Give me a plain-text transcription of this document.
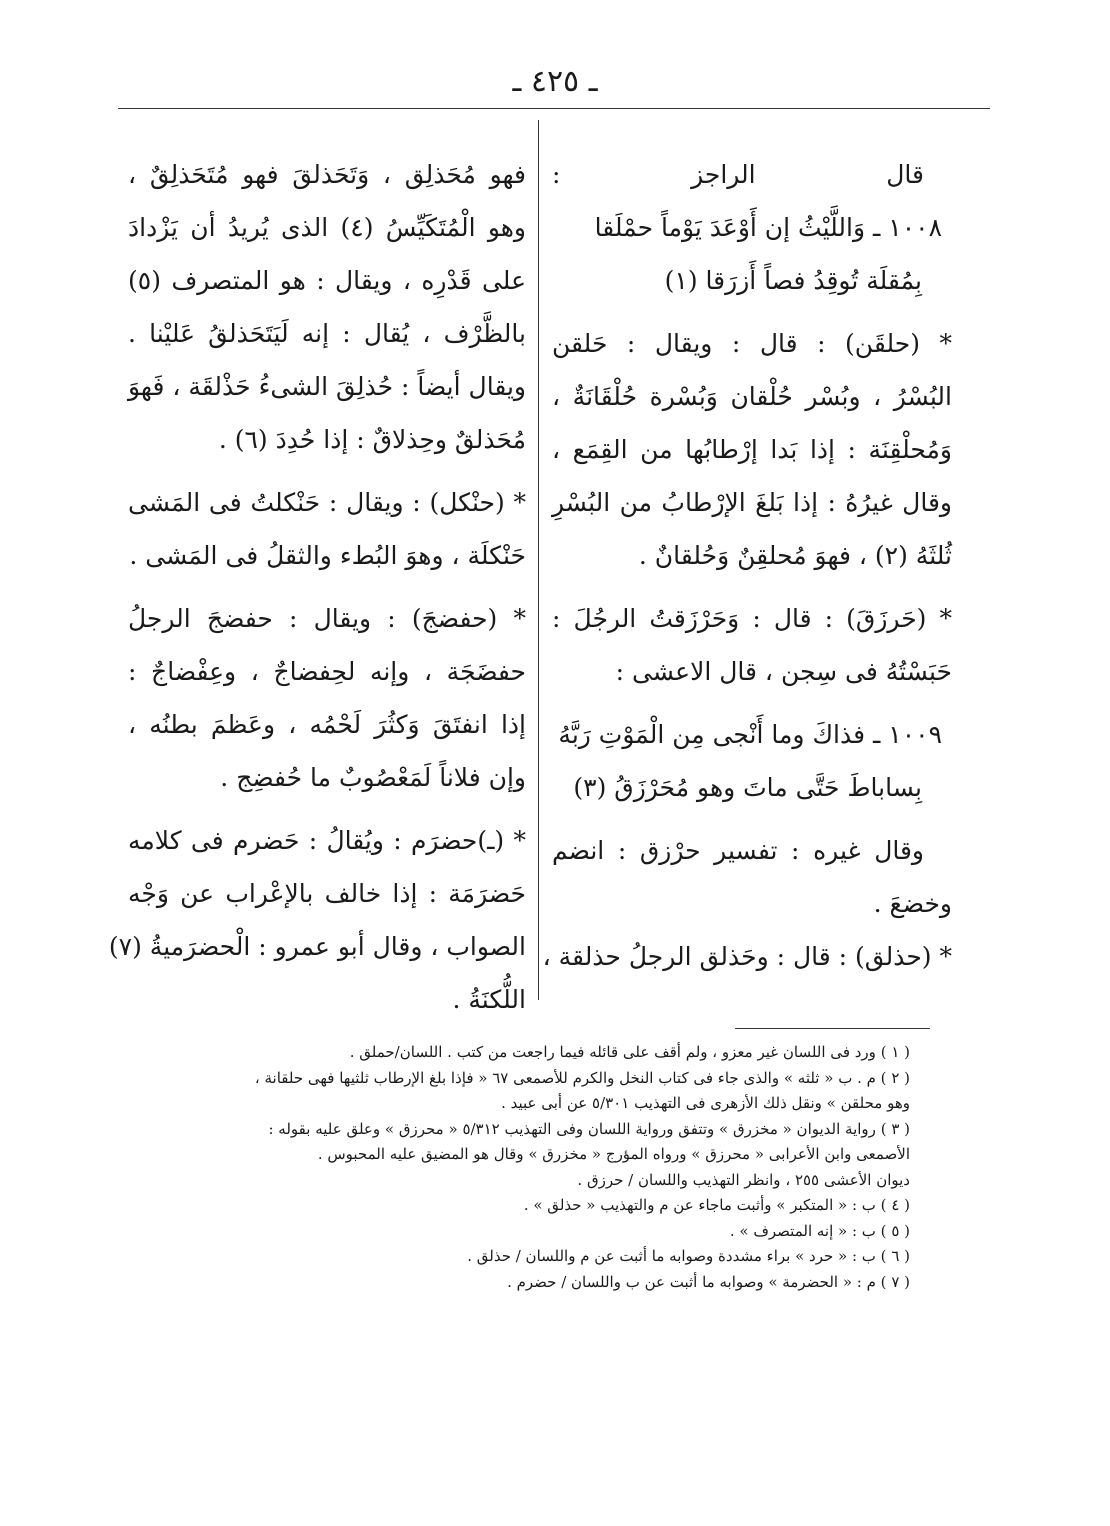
ـ ٤٢٥ ـ
قال الراجز :
١٠٠٨ ـ وَاللَّيْثُ إن أَوْعَدَ يَوْماً حمْلَقا
بِمُقلَة تُوقِدُ فصاً أَزرَقا (١)
* (حلقَن) : قال : ويقال : حَلقن
البُسْرُ ، وبُسْر حُلْقان وَبُسْرة حُلْقَانَةٌ ،
وَمُحلْقِنَة : إذا بَدا إرْطابُها من القِمَع ،
وقال غيرُهُ : إذا بَلغَ الإرْطابُ من البُسْرِ
ثُلثَهُ (٢) ، فهوَ مُحلقِنٌ وَحُلقانٌ .
* (حَرزَقَ) : قال : وَحَرْزَقتُ الرجُلَ :
حَبَسْتُهُ فى سِجن ، قال الاعشى :
١٠٠٩ ـ فذاكَ وما أَنْجى مِن الْمَوْتِ رَبَّهُ
بِساباطَ حَتَّى ماتَ وهو مُحَرْزَقُ (٣)
وقال غيره : تفسير حرْزق : انضم
وخضعَ .
* (حذلق) : قال : وحَذلق الرجلُ حذلقة ،
فهو مُحَذلِق ، وَتَحَذلقَ فهو مُتَحَذلِقٌ ،
وهو الْمُتَكَيِّسُ (٤) الذى يُريدُ أن يَزْدادَ
على قَدْرِه ، ويقال : هو المتصرف (٥)
بالظَّرْف ، يُقال : إنه لَيَتَحَذلقُ عَليْنا .
ويقال أيضاً : حُذلِقَ الشىءُ حَذْلقَة ، فَهوَ
مُحَذلقٌ وحِذلاقٌ : إذا حُدِدَ (٦) .
* (حنْكل) : ويقال : حَنْكلتُ فى المَشى
حَنْكلَة ، وهوَ البُطء والثقلُ فى المَشى .
* (حفضجَ) : ويقال : حفضجَ الرجلُ
حفضَجَة ، وإنه لحِفضاجٌ ، وعِفْضاجٌ :
إذا انفتَقَ وَكثُرَ لَحْمُه ، وعَظمَ بطنُه ،
وإن فلاناً لَمَعْصُوبٌ ما حُفضِج .
* (ـ)حضرَم : ويُقالُ : حَضرم فى كلامه
حَضرَمَة : إذا خالف بالإعْراب عن وَجْه
الصواب ، وقال أبو عمرو : الْحضرَميةُ (٧)
اللُّكنَةُ .
( ١ ) ورد فى اللسان غير معزو ، ولم أقف على قائله فيما راجعت من كتب . اللسان/حملق .
( ٢ ) م . ب « ثلثه » والذى جاء فى كتاب النخل والكرم للأصمعى ٦٧ « فإذا بلغ الإرطاب ثلثيها فهى حلقانة ،
وهو محلقن » ونقل ذلك الأزهرى فى التهذيب ٥/٣٠١ عن أبى عبيد .
( ٣ ) رواية الديوان « مخزرق » وتتفق ورواية اللسان وفى التهذيب ٥/٣١٢ « محرزق » وعلق عليه بقوله :
الأصمعى وابن الأعرابى « محرزق » ورواه المؤرج « مخزرق » وقال هو المضيق عليه المحبوس .
ديوان الأعشى ٢٥٥ ، وانظر التهذيب واللسان / حرزق .
( ٤ ) ب : « المتكبر » وأثبت ماجاء عن م والتهذيب « حذلق » .
( ٥ ) ب : « إنه المتصرف » .
( ٦ ) ب : « حرد » براء مشددة وصوابه ما أثبت عن م واللسان / حذلق .
( ٧ ) م : « الحضرمة » وصوابه ما أثبت عن ب واللسان / حضرم .
